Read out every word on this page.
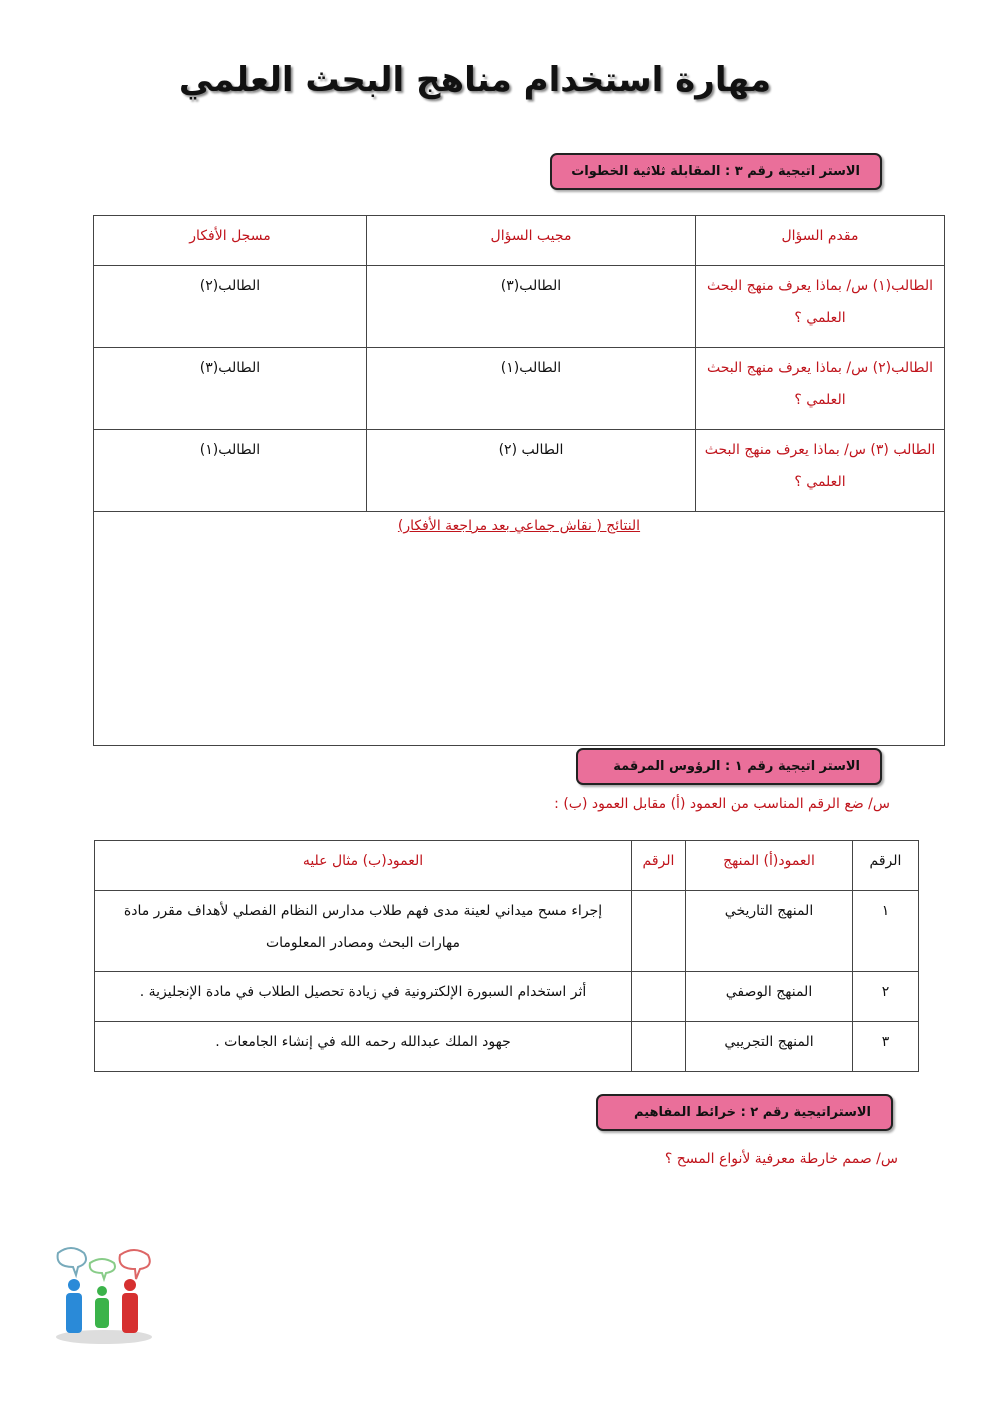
مهارة استخدام مناهج البحث العلمي
الاستر اتيجية رقم ٣ : المقابلة ثلاثية الخطوات
مقدم السؤال	مجيب السؤال	مسجل الأفكار
الطالب(١) س/ بماذا يعرف منهج البحث العلمي ؟	الطالب(٣)	الطالب(٢)
الطالب(٢) س/ بماذا يعرف منهج البحث العلمي ؟	الطالب(١)	الطالب(٣)
الطالب (٣) س/ بماذا يعرف منهج البحث العلمي ؟	الطالب (٢)	الطالب(١)
النتائج ( نقاش جماعي بعد مراجعة الأفكار)		
الاستر اتيجية رقم ١ : الرؤوس المرقمة
س/ ضع الرقم المناسب من العمود (أ) مقابل العمود (ب) :
الرقم	العمود(أ) المنهج	الرقم	العمود(ب) مثال عليه
١	المنهج التاريخي		إجراء مسح ميداني لعينة مدى فهم طلاب مدارس النظام الفصلي لأهداف مقرر مادة مهارات البحث ومصادر المعلومات
٢	المنهج الوصفي		أثر استخدام السبورة الإلكترونية في زيادة تحصيل الطلاب في مادة الإنجليزية .
٣	المنهج التجريبي		جهود الملك عبدالله رحمه الله في إنشاء الجامعات .
الاستراتيجية رقم ٢ : خرائط المفاهيم
س/ صمم خارطة معرفية لأنواع المسح ؟
